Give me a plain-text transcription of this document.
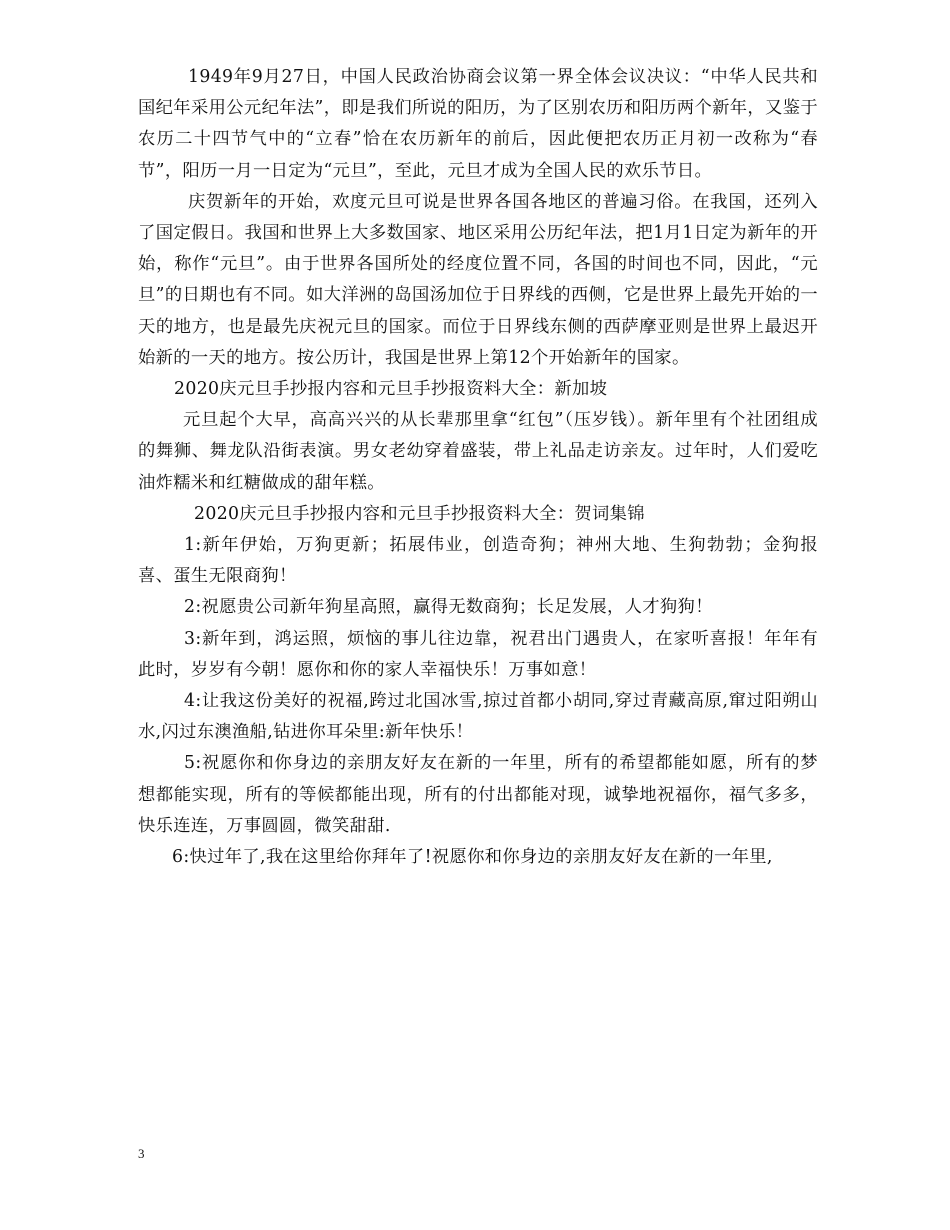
1949年9月27日，中国人民政治协商会议第一界全体会议决议：“中华人民共和国纪年采用公元纪年法”，即是我们所说的阳历，为了区别农历和阳历两个新年，又鉴于农历二十四节气中的“立春”恰在农历新年的前后，因此便把农历正月初一改称为“春节”，阳历一月一日定为“元旦”，至此，元旦才成为全国人民的欢乐节日。

庆贺新年的开始，欢度元旦可说是世界各国各地区的普遍习俗。在我国，还列入了国定假日。我国和世界上大多数国家、地区采用公历纪年法，把1月1日定为新年的开始，称作“元旦”。由于世界各国所处的经度位置不同，各国的时间也不同，因此，“元旦”的日期也有不同。如大洋洲的岛国汤加位于日界线的西侧，它是世界上最先开始的一天的地方，也是最先庆祝元旦的国家。而位于日界线东侧的西萨摩亚则是世界上最迟开始新的一天的地方。按公历计，我国是世界上第12个开始新年的国家。

2020庆元旦手抄报内容和元旦手抄报资料大全：新加坡

元旦起个大早，高高兴兴的从长辈那里拿“红包”（压岁钱）。新年里有个社团组成的舞狮、舞龙队沿街表演。男女老幼穿着盛装，带上礼品走访亲友。过年时，人们爱吃油炸糯米和红糖做成的甜年糕。

2020庆元旦手抄报内容和元旦手抄报资料大全：贺词集锦

1:新年伊始，万狗更新；拓展伟业，创造奇狗；神州大地、生狗勃勃；金狗报喜、蛋生无限商狗！

2:祝愿贵公司新年狗星高照，赢得无数商狗；长足发展，人才狗狗！

3:新年到，鸿运照，烦恼的事儿往边靠，祝君出门遇贵人，在家听喜报！年年有此时，岁岁有今朝！愿你和你的家人幸福快乐！万事如意！

4:让我这份美好的祝福,跨过北国冰雪,掠过首都小胡同,穿过青藏高原,窜过阳朔山水,闪过东澳渔船,钻进你耳朵里:新年快乐！

5:祝愿你和你身边的亲朋友好友在新的一年里，所有的希望都能如愿，所有的梦想都能实现，所有的等候都能出现，所有的付出都能对现，诚挚地祝福你，福气多多，快乐连连，万事圆圆，微笑甜甜.

6:快过年了,我在这里给你拜年了!祝愿你和你身边的亲朋友好友在新的一年里,

3
